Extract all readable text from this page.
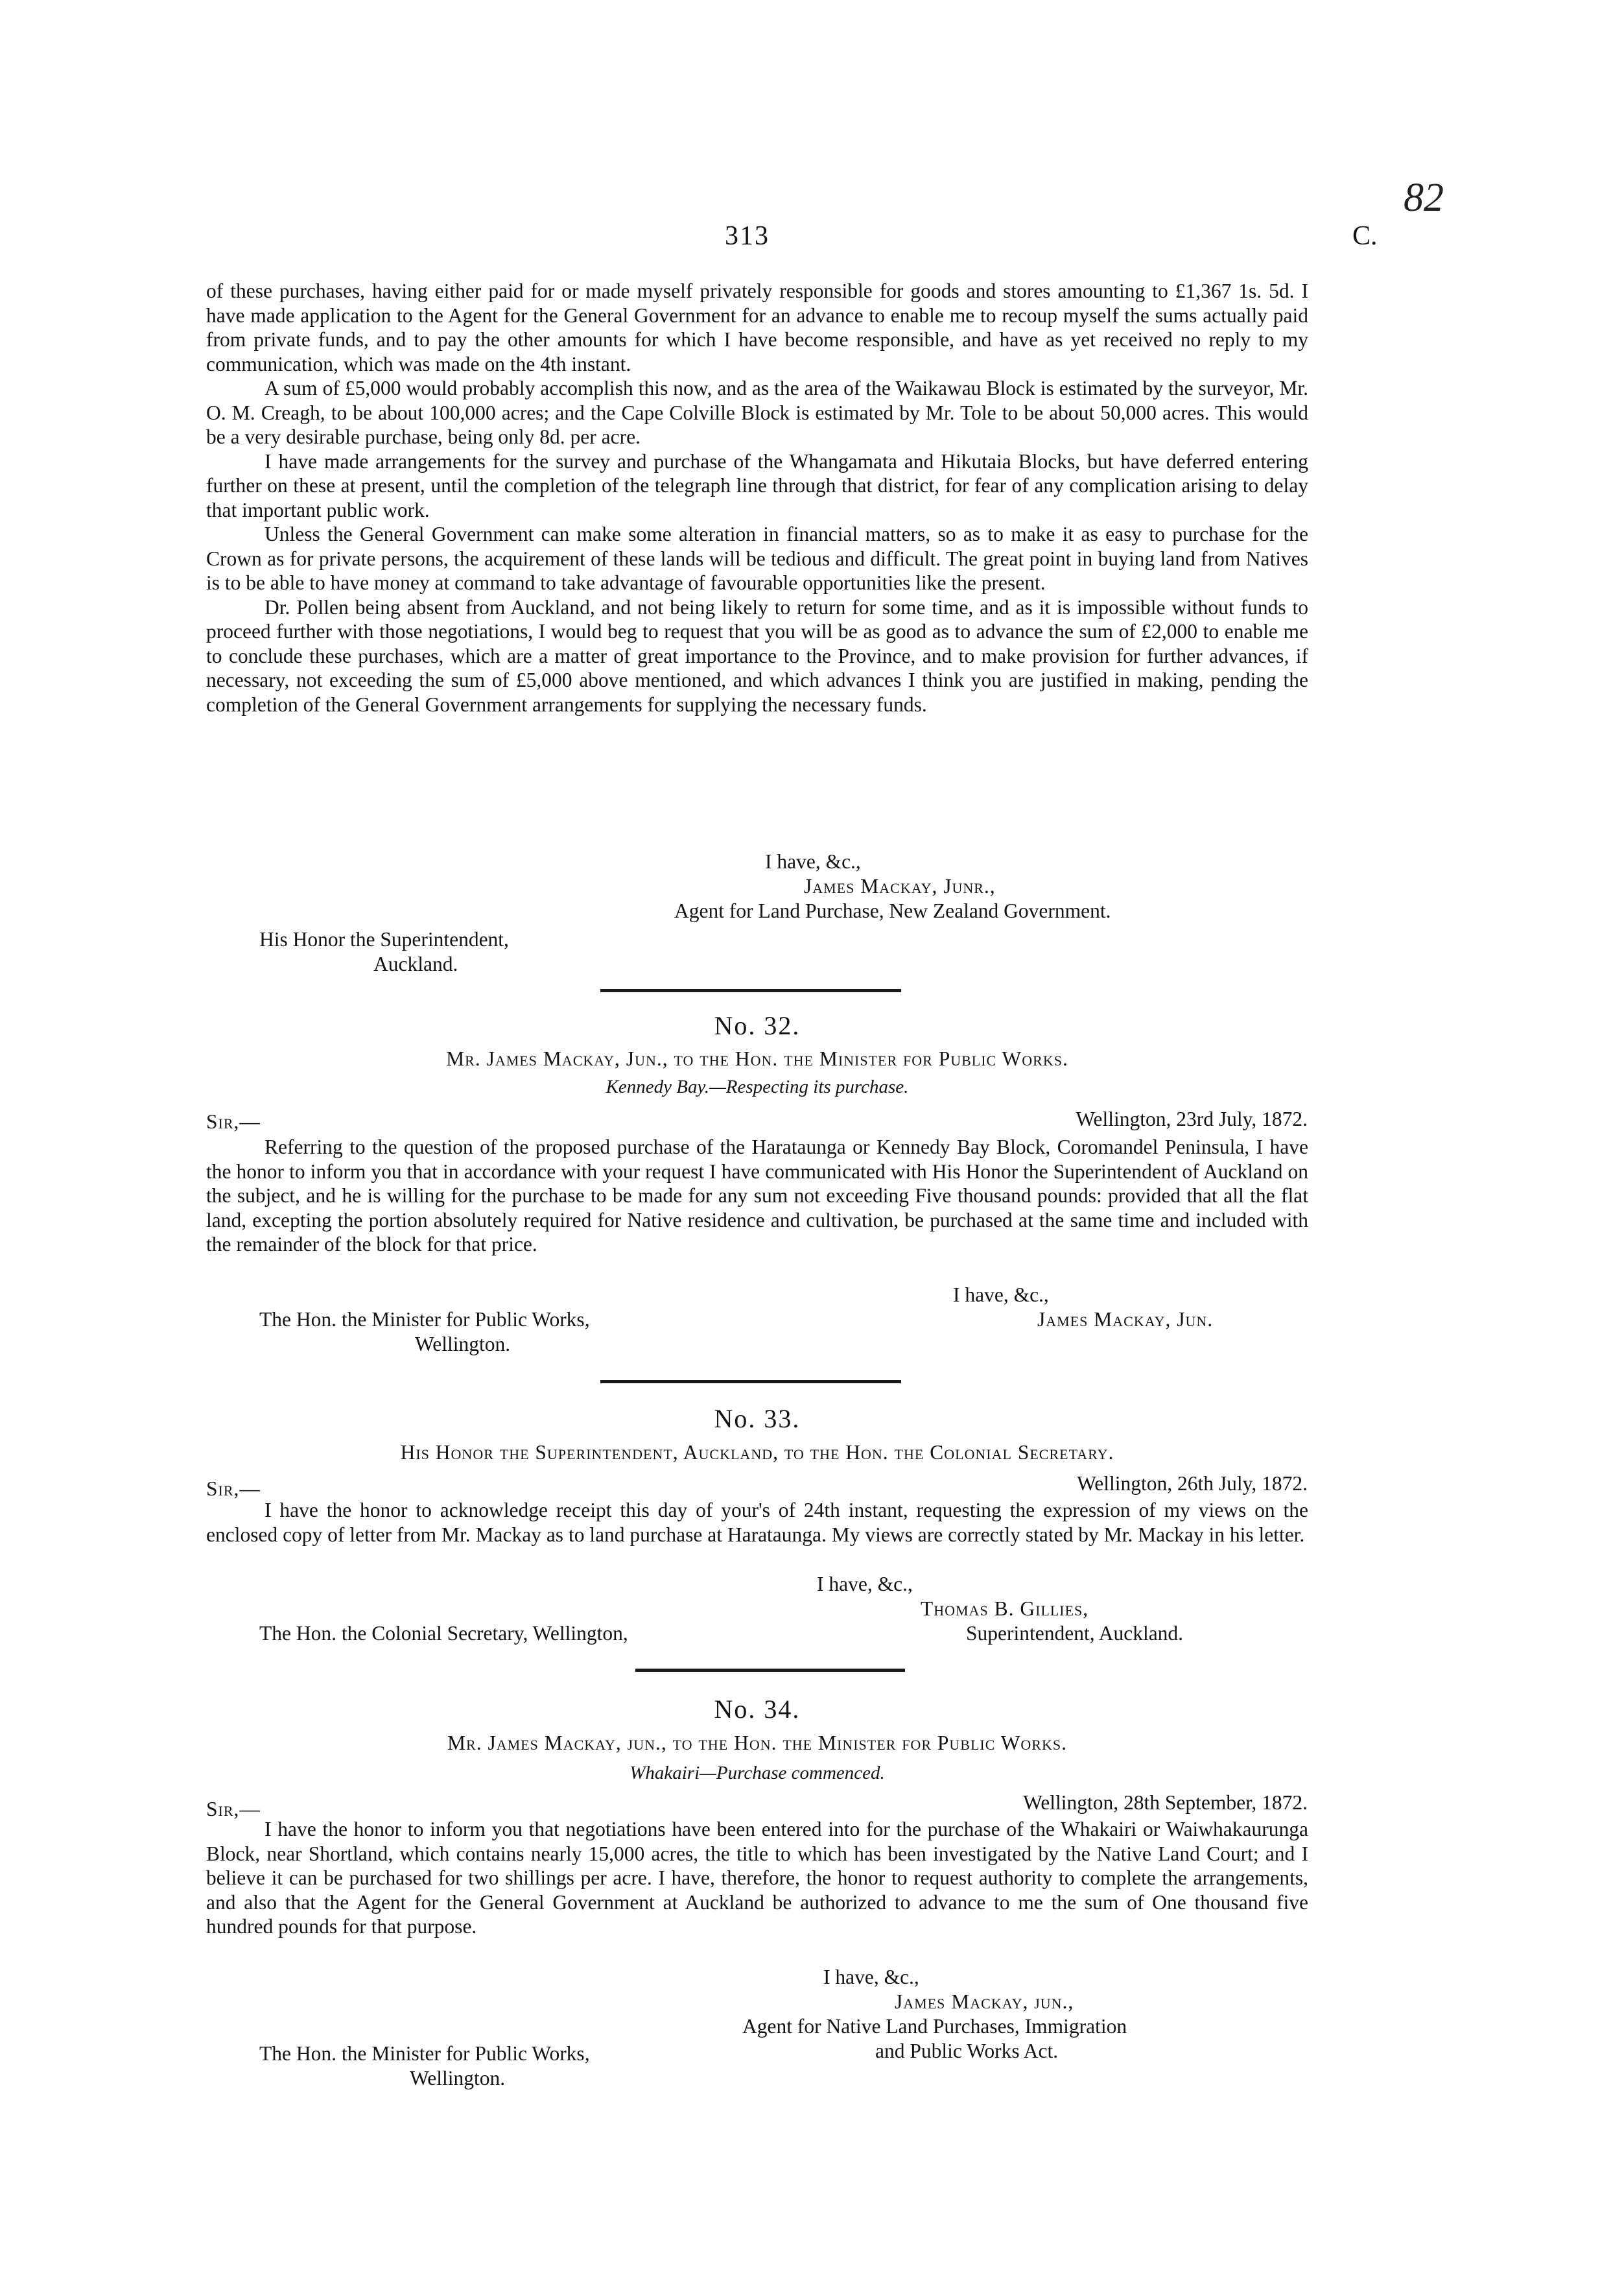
82
313	C.

of these purchases, having either paid for or made myself privately responsible for goods and stores amounting to £1,367 1s. 5d. I have made application to the Agent for the General Government for an advance to enable me to recoup myself the sums actually paid from private funds, and to pay the other amounts for which I have become responsible, and have as yet received no reply to my communication, which was made on the 4th instant.

A sum of £5,000 would probably accomplish this now, and as the area of the Waikawau Block is estimated by the surveyor, Mr. O. M. Creagh, to be about 100,000 acres; and the Cape Colville Block is estimated by Mr. Tole to be about 50,000 acres. This would be a very desirable purchase, being only 8d. per acre.

I have made arrangements for the survey and purchase of the Whangamata and Hikutaia Blocks, but have deferred entering further on these at present, until the completion of the telegraph line through that district, for fear of any complication arising to delay that important public work.

Unless the General Government can make some alteration in financial matters, so as to make it as easy to purchase for the Crown as for private persons, the acquirement of these lands will be tedious and difficult. The great point in buying land from Natives is to be able to have money at command to take advantage of favourable opportunities like the present.

Dr. Pollen being absent from Auckland, and not being likely to return for some time, and as it is impossible without funds to proceed further with those negotiations, I would beg to request that you will be as good as to advance the sum of £2,000 to enable me to conclude these purchases, which are a matter of great importance to the Province, and to make provision for further advances, if necessary, not exceeding the sum of £5,000 above mentioned, and which advances I think you are justified in making, pending the completion of the General Government arrangements for supplying the necessary funds.

I have, &c.,
James Mackay, Junr.,
Agent for Land Purchase, New Zealand Government.
His Honor the Superintendent,
Auckland.
No. 32.
Mr. James Mackay, Jun., to the Hon. the Minister for Public Works.
Kennedy Bay.—Respecting its purchase.
Sir,—	Wellington, 23rd July, 1872.

Referring to the question of the proposed purchase of the Harataunga or Kennedy Bay Block, Coromandel Peninsula, I have the honor to inform you that in accordance with your request I have communicated with His Honor the Superintendent of Auckland on the subject, and he is willing for the purchase to be made for any sum not exceeding Five thousand pounds: provided that all the flat land, excepting the portion absolutely required for Native residence and cultivation, be purchased at the same time and included with the remainder of the block for that price.

I have, &c.,
James Mackay, Jun.
The Hon. the Minister for Public Works,
Wellington.
No. 33.
His Honor the Superintendent, Auckland, to the Hon. the Colonial Secretary.
Sir,—	Wellington, 26th July, 1872.

I have the honor to acknowledge receipt this day of your's of 24th instant, requesting the expression of my views on the enclosed copy of letter from Mr. Mackay as to land purchase at Harataunga. My views are correctly stated by Mr. Mackay in his letter.

I have, &c.,
Thomas B. Gillies,
The Hon. the Colonial Secretary, Wellington,	Superintendent, Auckland.
No. 34.
Mr. James Mackay, jun., to the Hon. the Minister for Public Works.
Whakairi—Purchase commenced.
Sir,—	Wellington, 28th September, 1872.

I have the honor to inform you that negotiations have been entered into for the purchase of the Whakairi or Waiwhakaurunga Block, near Shortland, which contains nearly 15,000 acres, the title to which has been investigated by the Native Land Court; and I believe it can be purchased for two shillings per acre. I have, therefore, the honor to request authority to complete the arrangements, and also that the Agent for the General Government at Auckland be authorized to advance to me the sum of One thousand five hundred pounds for that purpose.

I have, &c.,
James Mackay, jun.,
Agent for Native Land Purchases, Immigration
and Public Works Act.
The Hon. the Minister for Public Works,
Wellington.
